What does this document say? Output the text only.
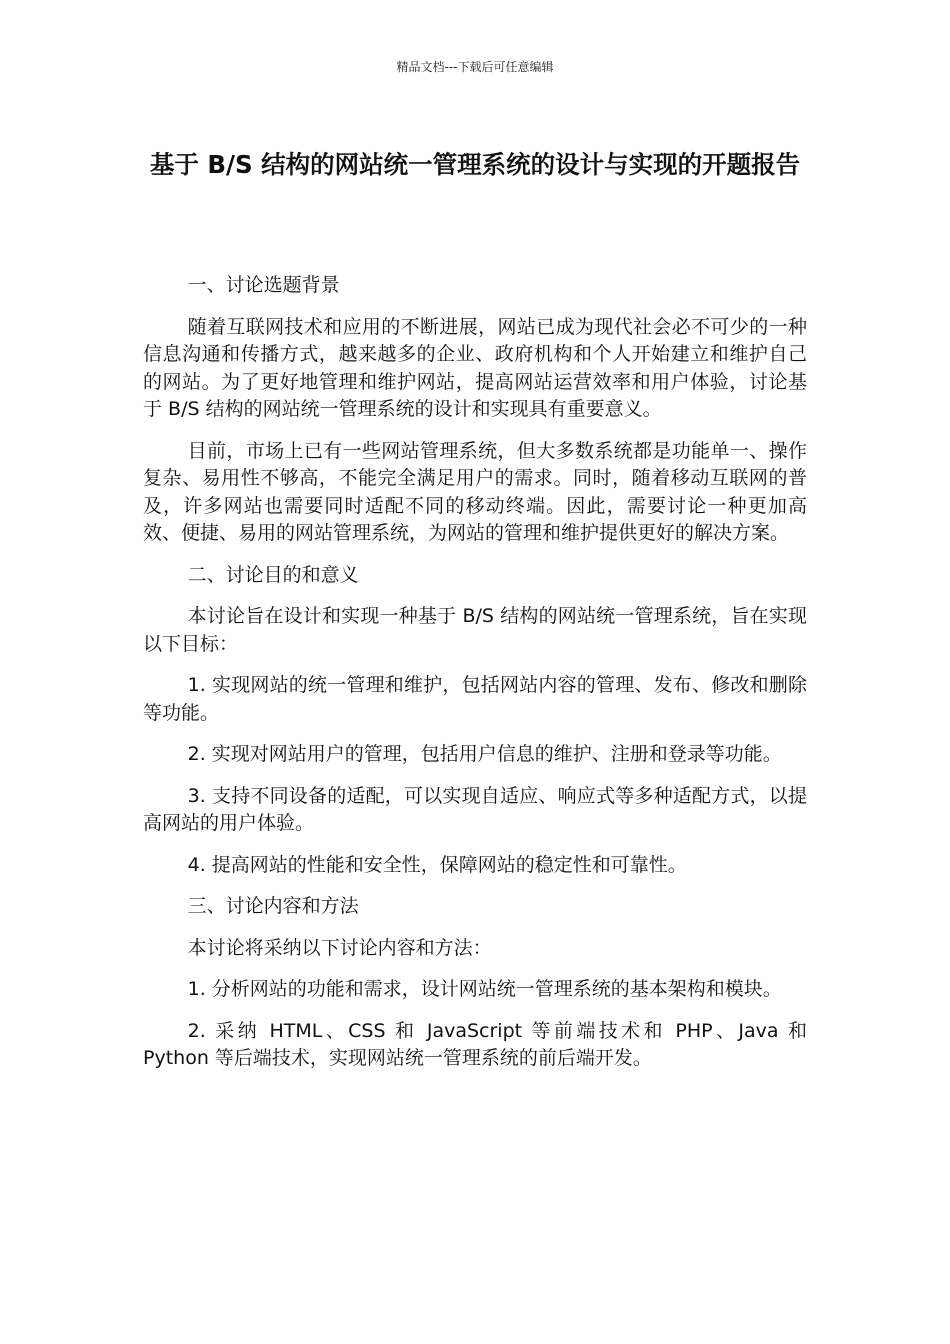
精品文档---下载后可任意编辑
基于 B/S 结构的网站统一管理系统的设计与实现的开题报告

一、讨论选题背景

随着互联网技术和应用的不断进展，网站已成为现代社会必不可少的一种信息沟通和传播方式，越来越多的企业、政府机构和个人开始建立和维护自己的网站。为了更好地管理和维护网站，提高网站运营效率和用户体验，讨论基于 B/S 结构的网站统一管理系统的设计和实现具有重要意义。

目前，市场上已有一些网站管理系统，但大多数系统都是功能单一、操作复杂、易用性不够高，不能完全满足用户的需求。同时，随着移动互联网的普及，许多网站也需要同时适配不同的移动终端。因此，需要讨论一种更加高效、便捷、易用的网站管理系统，为网站的管理和维护提供更好的解决方案。

二、讨论目的和意义

本讨论旨在设计和实现一种基于 B/S 结构的网站统一管理系统，旨在实现以下目标：

1. 实现网站的统一管理和维护，包括网站内容的管理、发布、修改和删除等功能。

2. 实现对网站用户的管理，包括用户信息的维护、注册和登录等功能。

3. 支持不同设备的适配，可以实现自适应、响应式等多种适配方式，以提高网站的用户体验。

4. 提高网站的性能和安全性，保障网站的稳定性和可靠性。

三、讨论内容和方法

本讨论将采纳以下讨论内容和方法：

1. 分析网站的功能和需求，设计网站统一管理系统的基本架构和模块。

2. 采纳 HTML、CSS 和 JavaScript 等前端技术和 PHP、Java 和 Python 等后端技术，实现网站统一管理系统的前后端开发。
